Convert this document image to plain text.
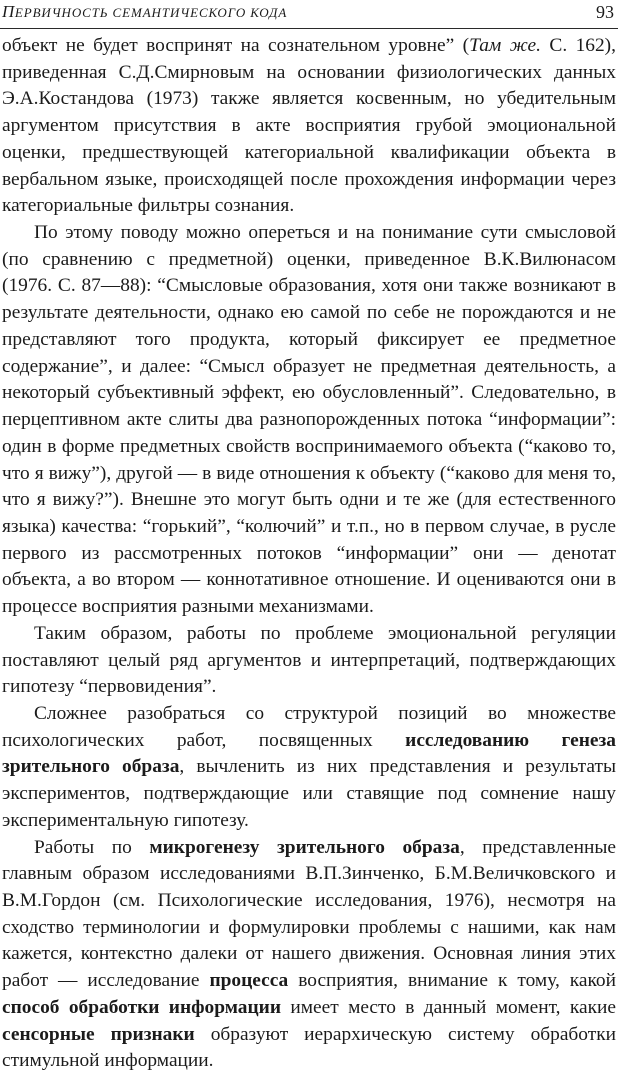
ПЕРВИЧНОСТЬ СЕМАНТИЧЕСКОГО КОДА	93

объект не будет воспринят на сознательном уровне” (Там же. С. 162), приведенная С.Д.Смирновым на основании физиологических данных Э.А.Костандова (1973) также является косвенным, но убедительным аргументом присутствия в акте восприятия грубой эмоциональной оценки, предшествующей категориальной квалификации объекта в вербальном языке, происходящей после прохождения информации через категориальные фильтры сознания.

По этому поводу можно опереться и на понимание сути смысловой (по сравнению с предметной) оценки, приведенное В.К.Вилюнасом (1976. С. 87—88): “Смысловые образования, хотя они также возникают в результате деятельности, однако ею самой по себе не порождаются и не представляют того продукта, который фиксирует ее предметное содержание”, и далее: “Смысл образует не предметная деятельность, а некоторый субъективный эффект, ею обусловленный”. Следовательно, в перцептивном акте слиты два разнопорожденных потока “информации”: один в форме предметных свойств воспринимаемого объекта (“каково то, что я вижу”), другой — в виде отношения к объекту (“каково для меня то, что я вижу?”). Внешне это могут быть одни и те же (для естественного языка) качества: “горький”, “колючий” и т.п., но в первом случае, в русле первого из рассмотренных потоков “информации” они — денотат объекта, а во втором — коннотативное отношение. И оцениваются они в процессе восприятия разными механизмами.

Таким образом, работы по проблеме эмоциональной регуляции поставляют целый ряд аргументов и интерпретаций, подтверждающих гипотезу “первовидения”.

Сложнее разобраться со структурой позиций во множестве психологических работ, посвященных исследованию генеза зрительного образа, вычленить из них представления и результаты экспериментов, подтверждающие или ставящие под сомнение нашу экспериментальную гипотезу.

Работы по микрогенезу зрительного образа, представленные главным образом исследованиями В.П.Зинченко, Б.М.Величковского и В.М.Гордон (см. Психологические исследования, 1976), несмотря на сходство терминологии и формулировки проблемы с нашими, как нам кажется, контекстно далеки от нашего движения. Основная линия этих работ — исследование процесса восприятия, внимание к тому, какой способ обработки информации имеет место в данный момент, какие сенсорные признаки образуют иерархическую систему обработки стимульной информации.
